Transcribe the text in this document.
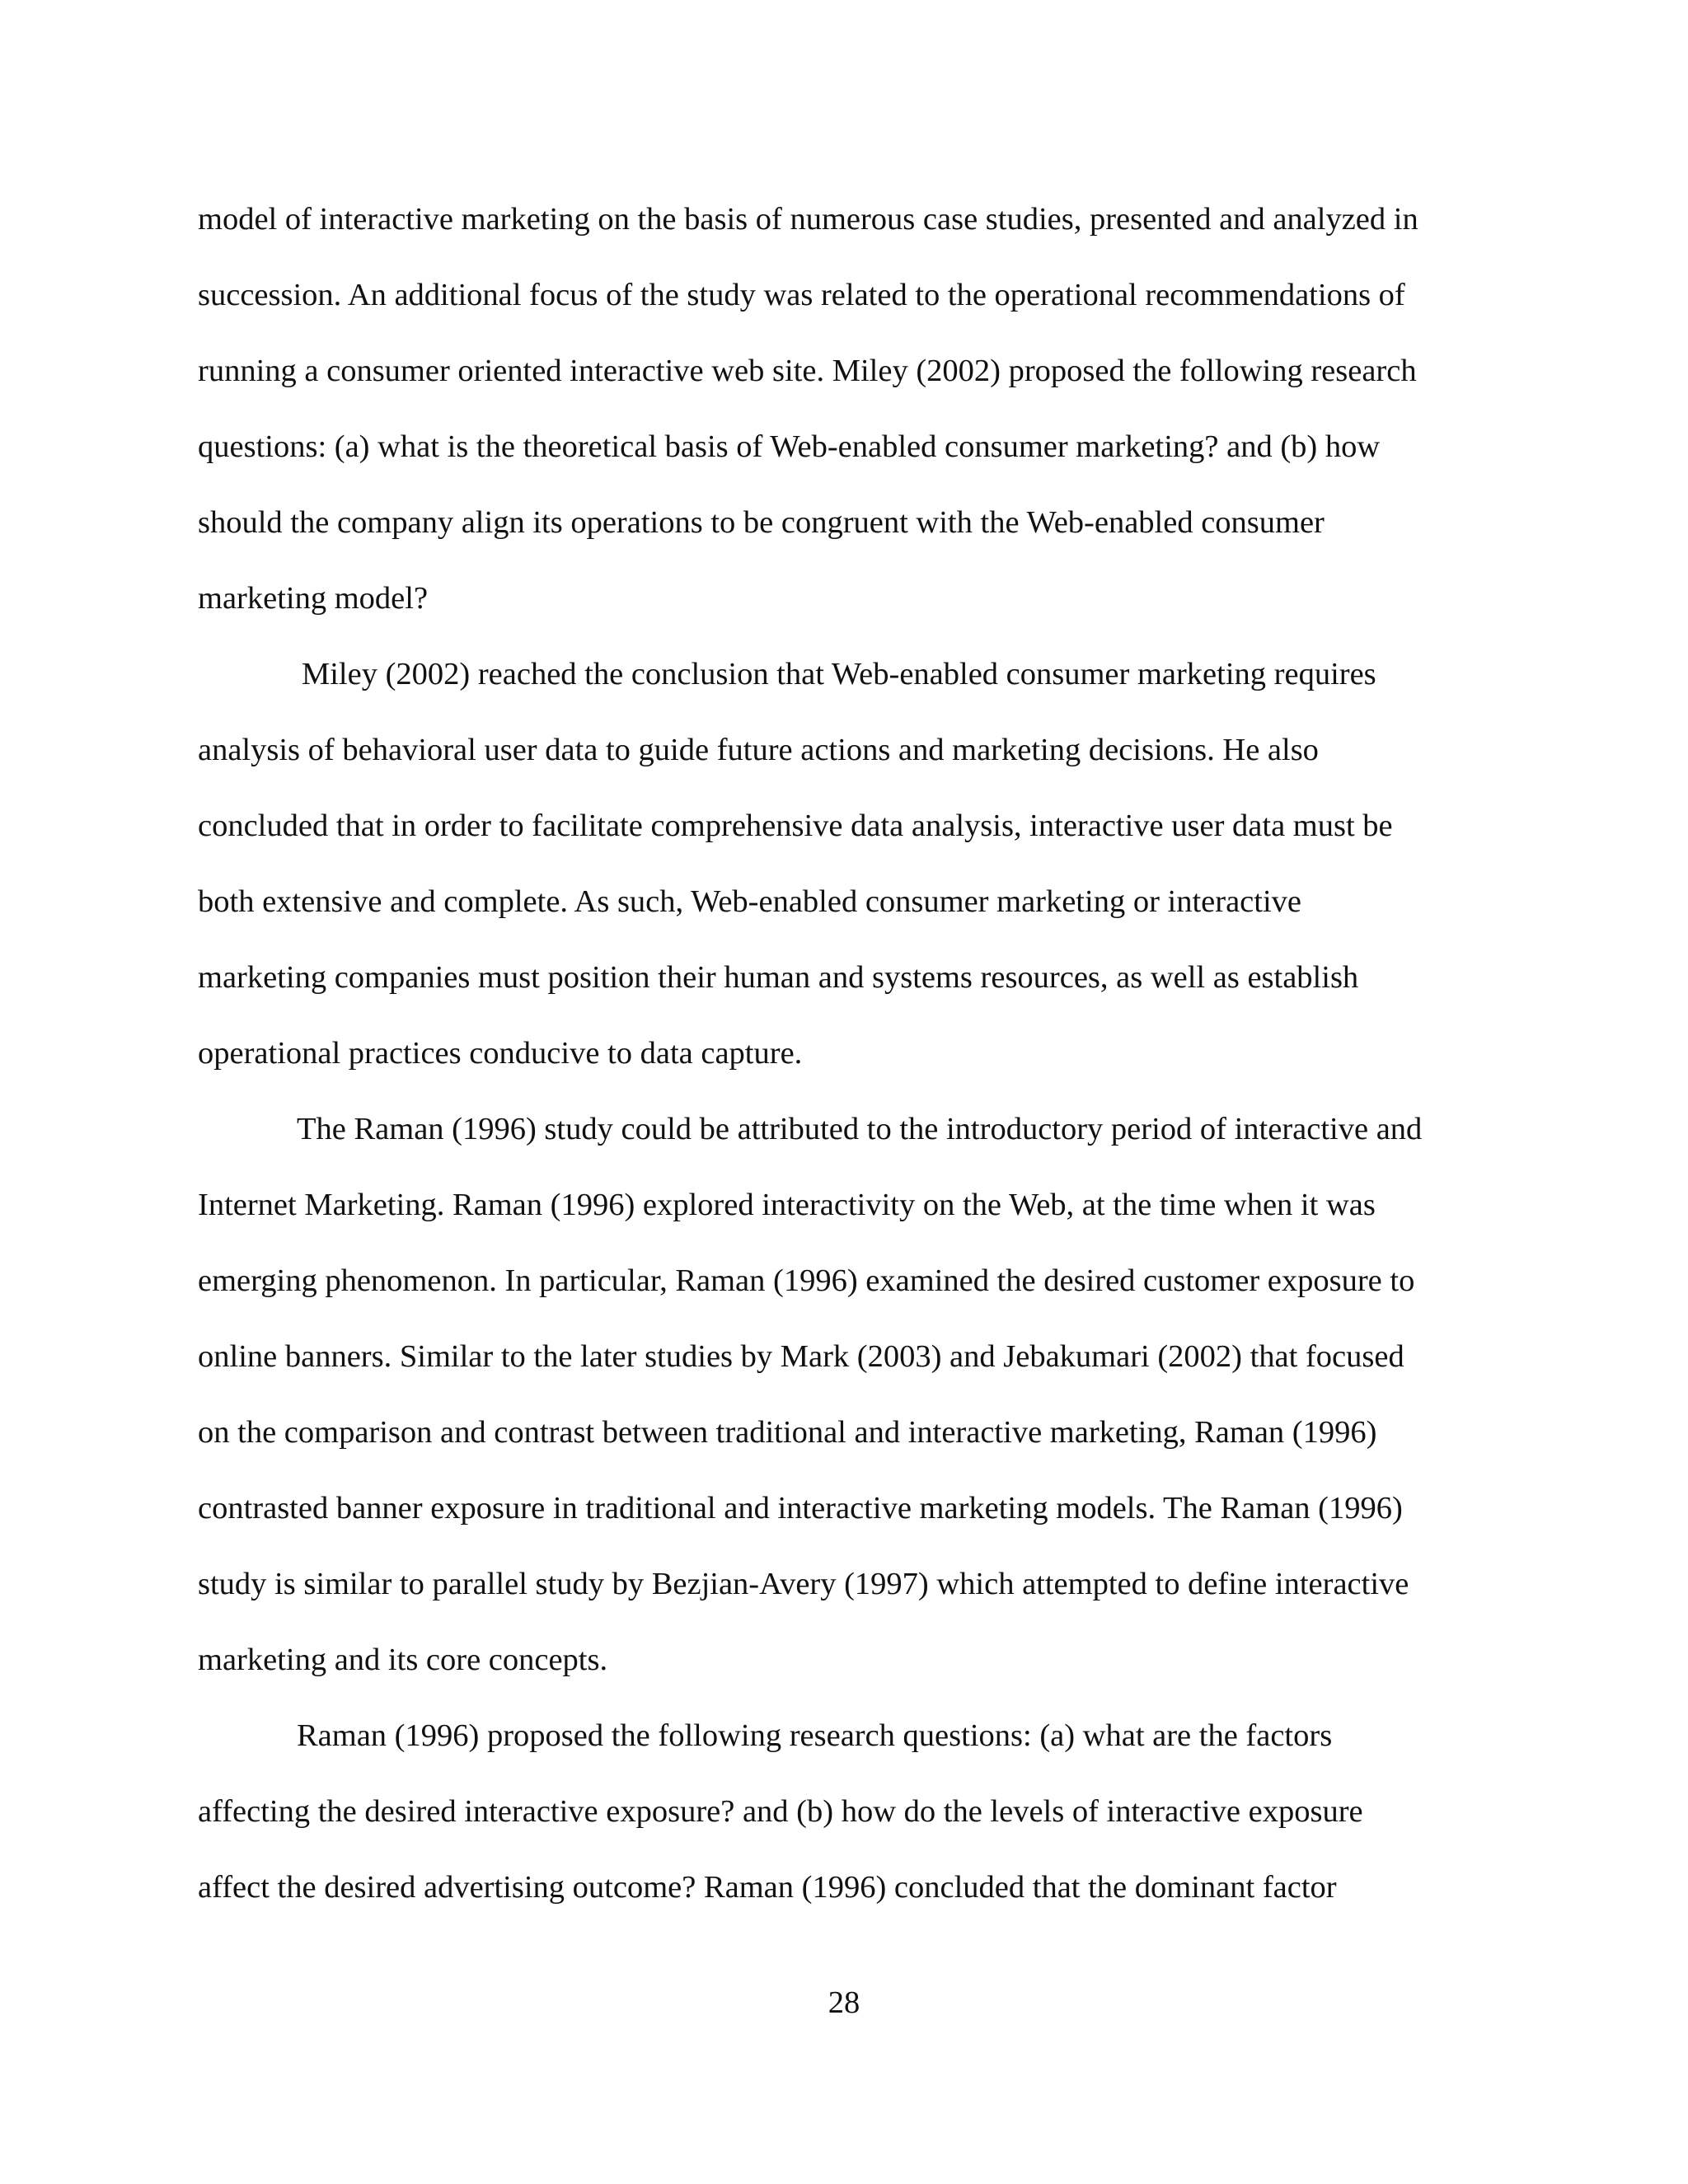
model of interactive marketing on the basis of numerous case studies, presented and analyzed in
succession. An additional focus of the study was related to the operational recommendations of
running a consumer oriented interactive web site. Miley (2002) proposed the following research
questions: (a) what is the theoretical basis of Web-enabled consumer marketing? and (b) how
should the company align its operations to be congruent with the Web-enabled consumer
marketing model?
Miley (2002) reached the conclusion that Web-enabled consumer marketing requires
analysis of behavioral user data to guide future actions and marketing decisions. He also
concluded that in order to facilitate comprehensive data analysis, interactive user data must be
both extensive and complete. As such, Web-enabled consumer marketing or interactive
marketing companies must position their human and systems resources, as well as establish
operational practices conducive to data capture.
The Raman (1996) study could be attributed to the introductory period of interactive and
Internet Marketing. Raman (1996) explored interactivity on the Web, at the time when it was
emerging phenomenon. In particular, Raman (1996) examined the desired customer exposure to
online banners. Similar to the later studies by Mark (2003) and Jebakumari (2002) that focused
on the comparison and contrast between traditional and interactive marketing, Raman (1996)
contrasted banner exposure in traditional and interactive marketing models. The Raman (1996)
study is similar to parallel study by Bezjian-Avery (1997) which attempted to define interactive
marketing and its core concepts.
Raman (1996) proposed the following research questions: (a) what are the factors
affecting the desired interactive exposure? and (b) how do the levels of interactive exposure
affect the desired advertising outcome? Raman (1996) concluded that the dominant factor
28
